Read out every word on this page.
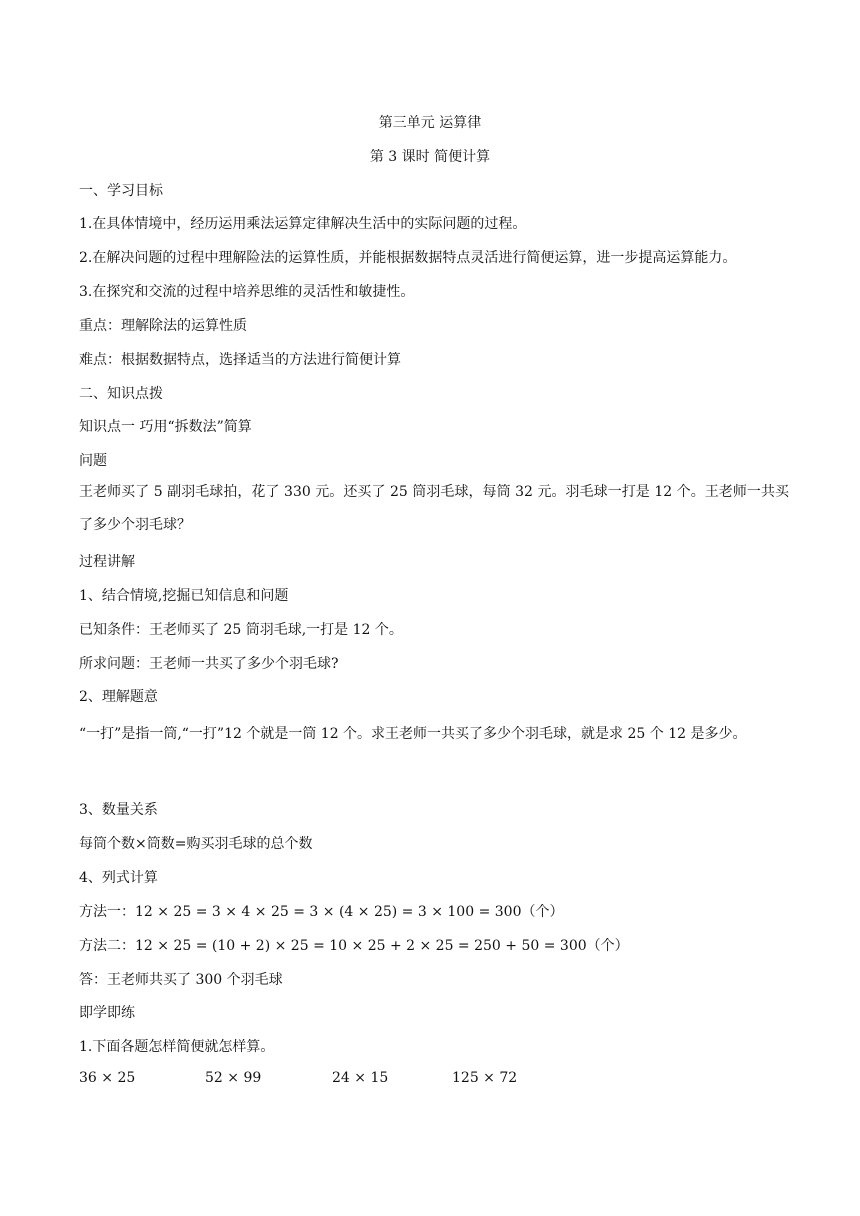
第三单元 运算律
第 3 课时 简便计算
一、学习目标
1.在具体情境中，经历运用乘法运算定律解决生活中的实际问题的过程。
2.在解决问题的过程中理解险法的运算性质，并能根据数据特点灵活进行简便运算，进一步提高运算能力。
3.在探究和交流的过程中培养思维的灵活性和敏捷性。
重点：理解除法的运算性质
难点：根据数据特点，选择适当的方法进行简便计算
二、知识点拨
知识点一 巧用“拆数法”简算
问题
王老师买了 5 副羽毛球拍，花了 330 元。还买了 25 筒羽毛球，每筒 32 元。羽毛球一打是 12 个。王老师一共买了多少个羽毛球？
过程讲解
1、结合情境,挖掘已知信息和问题
已知条件：王老师买了 25 筒羽毛球,一打是 12 个。
所求问题：王老师一共买了多少个羽毛球?
2、理解题意
“一打”是指一筒,“一打”12 个就是一筒 12 个。求王老师一共买了多少个羽毛球，就是求 25 个 12 是多少。
3、数量关系
每筒个数×筒数=购买羽毛球的总个数
4、列式计算
方法一：12 × 25 = 3 × 4 × 25 = 3 × (4 × 25) = 3 × 100 = 300（个）
方法二：12 × 25 = (10 + 2) × 25 = 10 × 25 + 2 × 25 = 250 + 50 = 300（个）
答：王老师共买了 300 个羽毛球
即学即练
1.下面各题怎样简便就怎样算。
36 × 25	52 × 99	24 × 15	125 × 72
